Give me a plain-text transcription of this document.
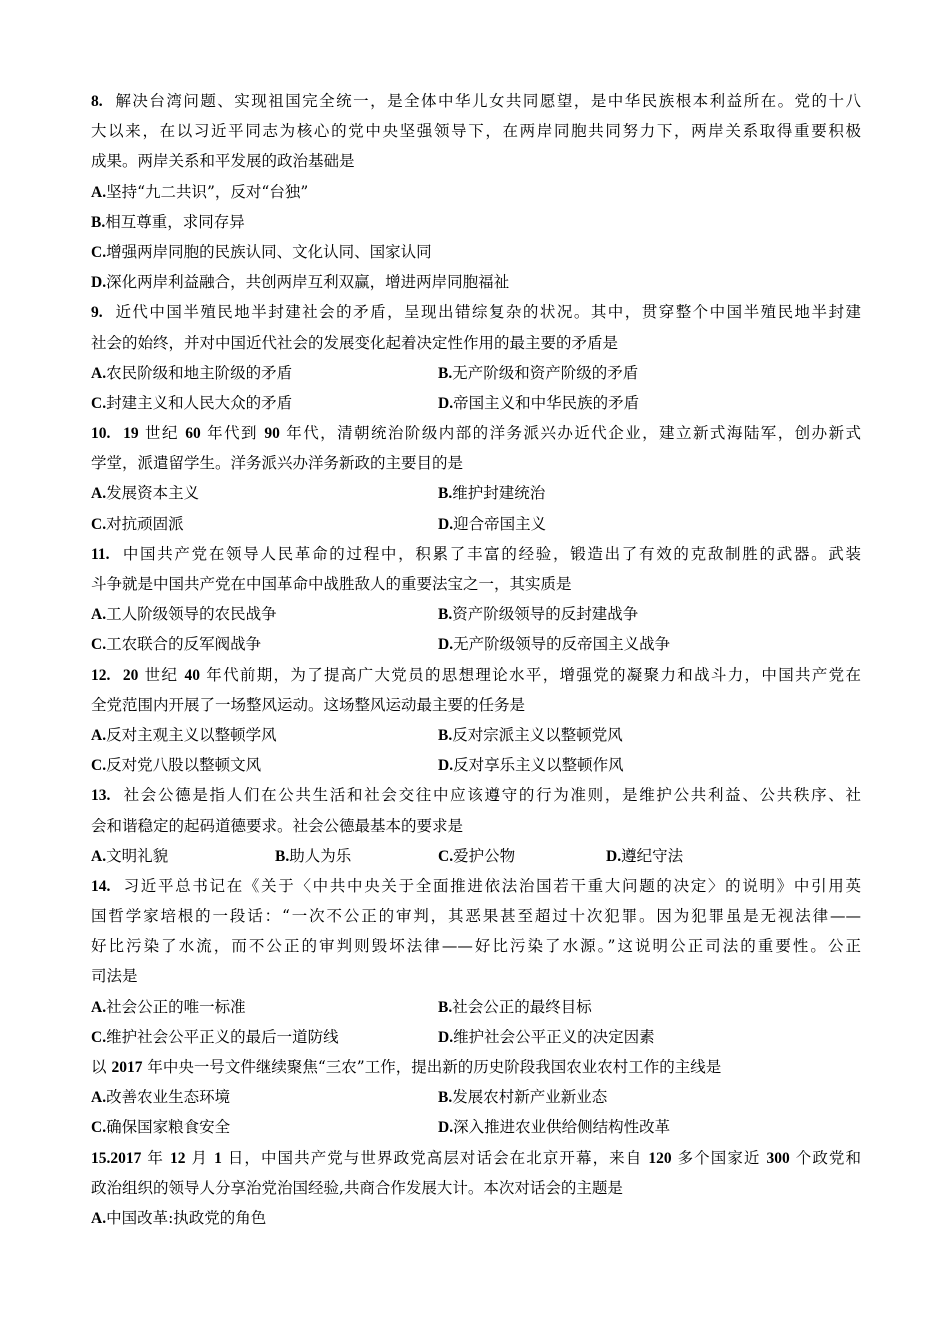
8. 解决台湾问题、实现祖国完全统一，是全体中华儿女共同愿望，是中华民族根本利益所在。党的十八
大以来，在以习近平同志为核心的党中央坚强领导下，在两岸同胞共同努力下，两岸关系取得重要积极
成果。两岸关系和平发展的政治基础是
A.坚持“九二共识”，反对“台独”
B.相互尊重，求同存异
C.增强两岸同胞的民族认同、文化认同、国家认同
D.深化两岸利益融合，共创两岸互利双赢，增进两岸同胞福祉
9. 近代中国半殖民地半封建社会的矛盾，呈现出错综复杂的状况。其中，贯穿整个中国半殖民地半封建
社会的始终，并对中国近代社会的发展变化起着决定性作用的最主要的矛盾是
A.农民阶级和地主阶级的矛盾	B.无产阶级和资产阶级的矛盾
C.封建主义和人民大众的矛盾	D.帝国主义和中华民族的矛盾
10. 19 世纪 60 年代到 90 年代，清朝统治阶级内部的洋务派兴办近代企业，建立新式海陆军，创办新式
学堂，派遣留学生。洋务派兴办洋务新政的主要目的是
A.发展资本主义	B.维护封建统治
C.对抗顽固派	D.迎合帝国主义
11. 中国共产党在领导人民革命的过程中，积累了丰富的经验，锻造出了有效的克敌制胜的武器。武装
斗争就是中国共产党在中国革命中战胜敌人的重要法宝之一，其实质是
A.工人阶级领导的农民战争	B.资产阶级领导的反封建战争
C.工农联合的反军阀战争	D.无产阶级领导的反帝国主义战争
12. 20 世纪 40 年代前期，为了提高广大党员的思想理论水平，增强党的凝聚力和战斗力，中国共产党在
全党范围内开展了一场整风运动。这场整风运动最主要的任务是
A.反对主观主义以整顿学风	B.反对宗派主义以整顿党风
C.反对党八股以整顿文风	D.反对享乐主义以整顿作风
13. 社会公德是指人们在公共生活和社会交往中应该遵守的行为准则，是维护公共利益、公共秩序、社
会和谐稳定的起码道德要求。社会公德最基本的要求是
A.文明礼貌	B.助人为乐	C.爱护公物	D.遵纪守法
14. 习近平总书记在《关于〈中共中央关于全面推进依法治国若干重大问题的决定〉的说明》中引用英
国哲学家培根的一段话：“一次不公正的审判，其恶果甚至超过十次犯罪。因为犯罪虽是无视法律——
好比污染了水流，而不公正的审判则毁坏法律——好比污染了水源。”这说明公正司法的重要性。公正
司法是
A.社会公正的唯一标准	B.社会公正的最终目标
C.维护社会公平正义的最后一道防线	D.维护社会公平正义的决定因素
以 2017 年中央一号文件继续聚焦“三农”工作，提出新的历史阶段我国农业农村工作的主线是
A.改善农业生态环境	B.发展农村新产业新业态
C.确保国家粮食安全	D.深入推进农业供给侧结构性改革
15.2017 年 12 月 1 日，中国共产党与世界政党高层对话会在北京开幕，来自 120 多个国家近 300 个政党和
政治组织的领导人分享治党治国经验,共商合作发展大计。本次对话会的主题是
A.中国改革:执政党的角色
